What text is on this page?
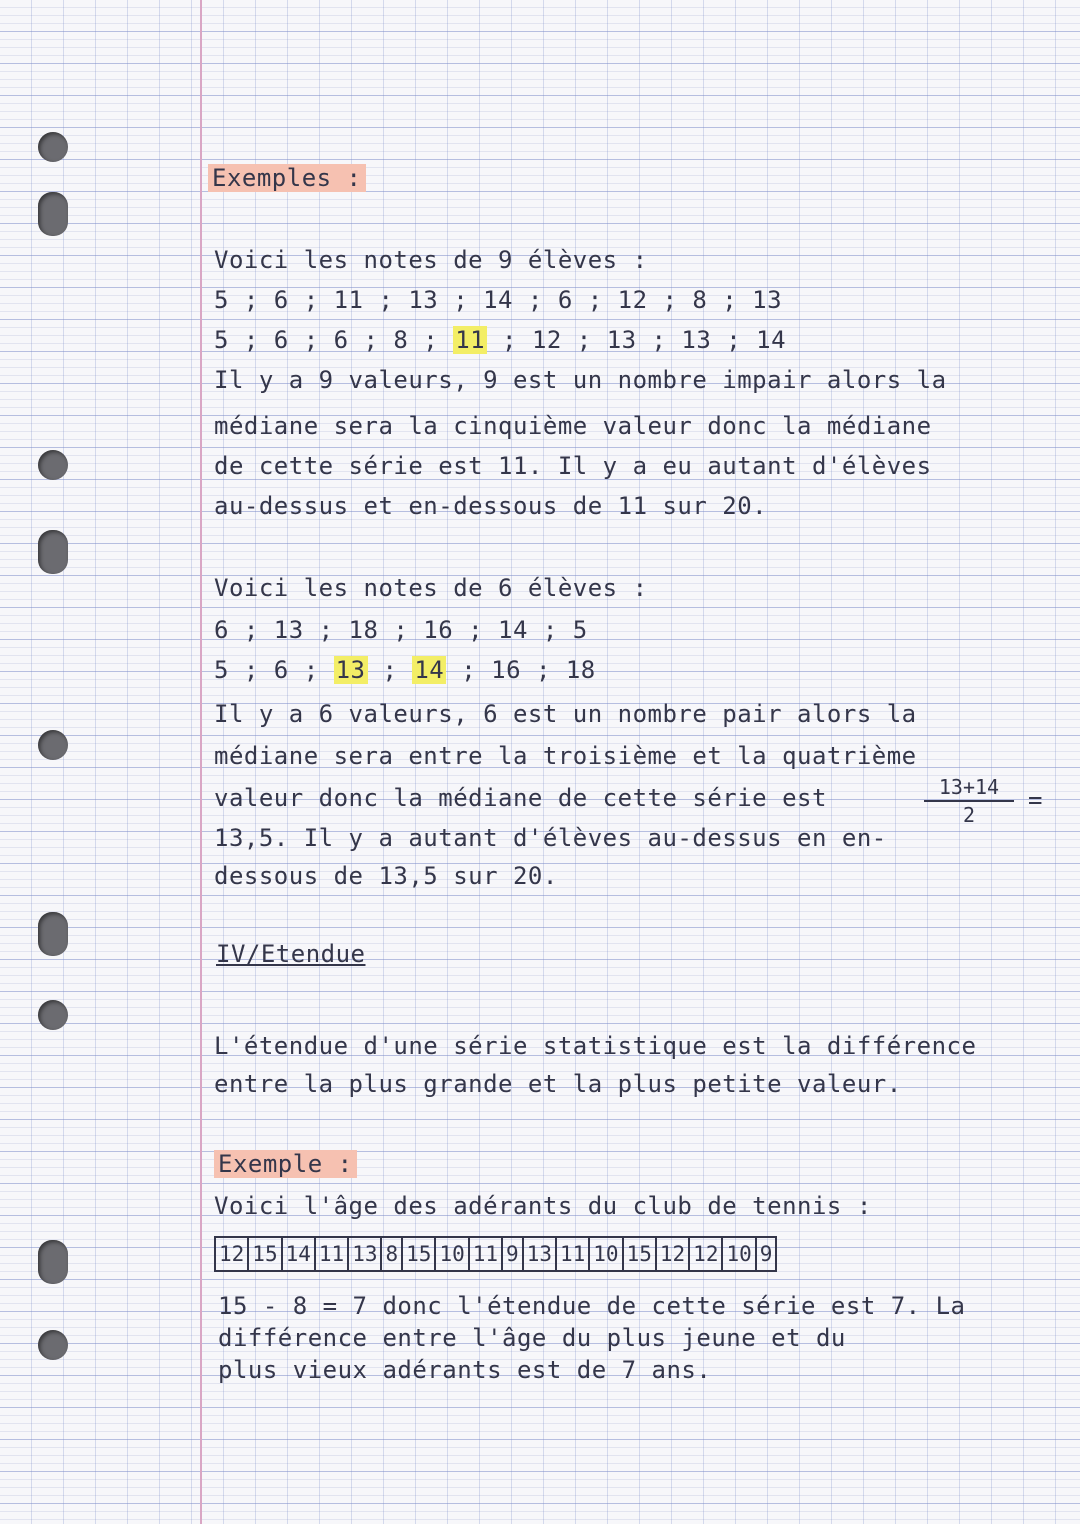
Exemples :
Voici les notes de 9 élèves :
5 ; 6 ; 11 ; 13 ; 14 ; 6 ; 12 ; 8 ; 13
5 ; 6 ; 6 ; 8 ; 11 ; 12 ; 13 ; 13 ; 14
Il y a 9 valeurs, 9 est un nombre impair alors la
médiane sera la cinquième valeur donc la médiane
de cette série est 11. Il y a eu autant d'élèves
au-dessus et en-dessous de 11 sur 20.
Voici les notes de 6 élèves :
6 ; 13 ; 18 ; 16 ; 14 ; 5
5 ; 6 ; 13 ; 14 ; 16 ; 18
Il y a 6 valeurs, 6 est un nombre pair alors la
médiane sera entre la troisième et la quatrième
valeur donc la médiane de cette série est	13+14
2
=
13,5. Il y a autant d'élèves au-dessus en en-
dessous de 13,5 sur 20.
IV/Etendue
L'étendue d'une série statistique est la différence
entre la plus grande et la plus petite valeur.
Exemple :
Voici l'âge des adérants du club de tennis :
12	15	14	11	13	8	15	10	11	9	13	11	10	15	12	12	10	9
15 - 8 = 7 donc l'étendue de cette série est 7. La
différence entre l'âge du plus jeune et du
plus vieux adérants est de 7 ans.
